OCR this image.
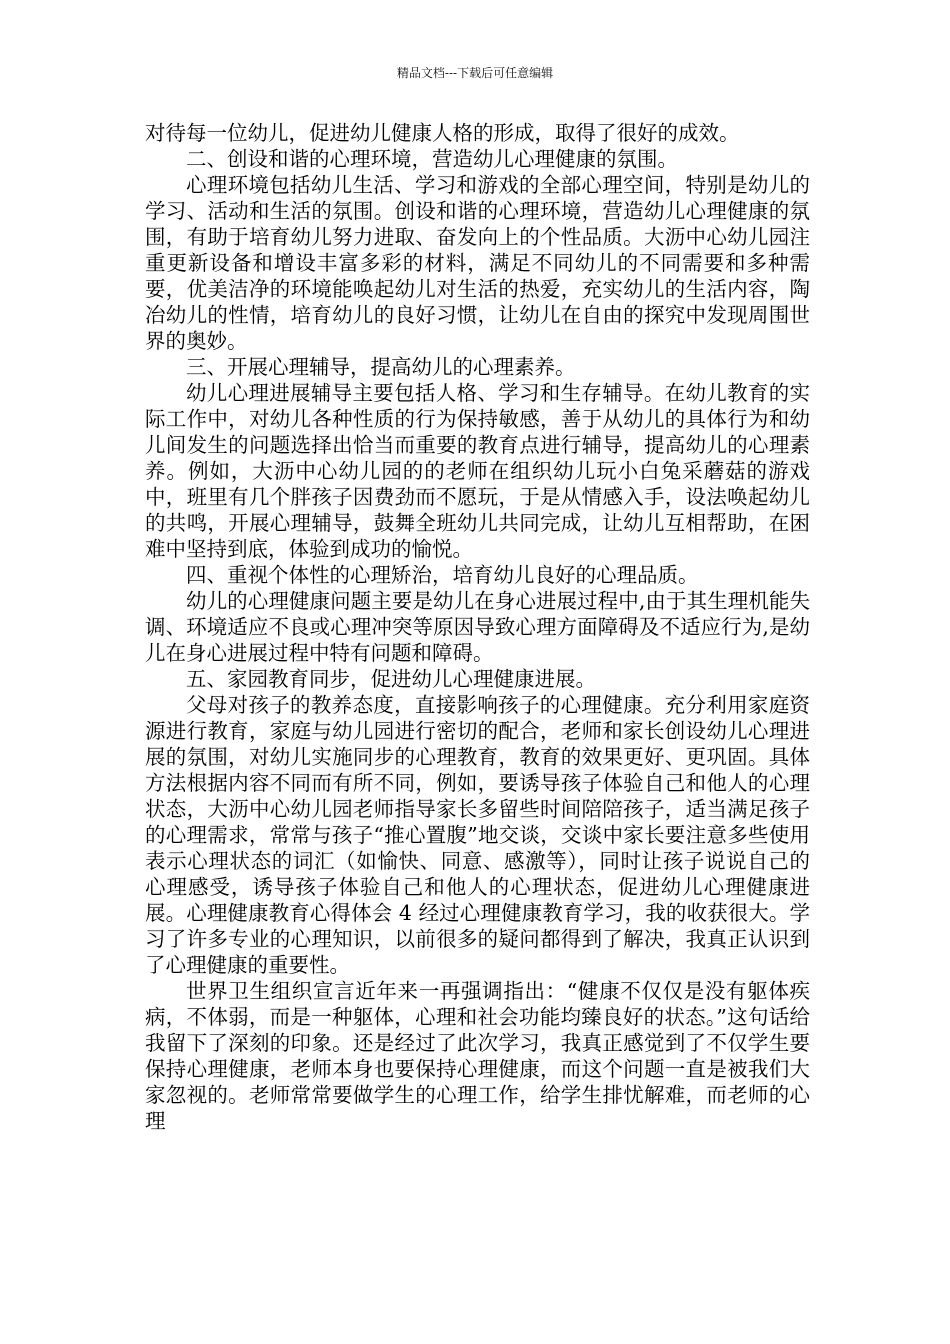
精品文档---下载后可任意编辑

对待每一位幼儿，促进幼儿健康人格的形成，取得了很好的成效。

二、创设和谐的心理环境，营造幼儿心理健康的氛围。

心理环境包括幼儿生活、学习和游戏的全部心理空间，特别是幼儿的学习、活动和生活的氛围。创设和谐的心理环境，营造幼儿心理健康的氛围，有助于培育幼儿努力进取、奋发向上的个性品质。大沥中心幼儿园注重更新设备和增设丰富多彩的材料，满足不同幼儿的不同需要和多种需要，优美洁净的环境能唤起幼儿对生活的热爱，充实幼儿的生活内容，陶冶幼儿的性情，培育幼儿的良好习惯，让幼儿在自由的探究中发现周围世界的奥妙。

三、开展心理辅导，提高幼儿的心理素养。

幼儿心理进展辅导主要包括人格、学习和生存辅导。在幼儿教育的实际工作中，对幼儿各种性质的行为保持敏感，善于从幼儿的具体行为和幼儿间发生的问题选择出恰当而重要的教育点进行辅导，提高幼儿的心理素养。例如，大沥中心幼儿园的的老师在组织幼儿玩小白兔采蘑菇的游戏中，班里有几个胖孩子因费劲而不愿玩，于是从情感入手，设法唤起幼儿的共鸣，开展心理辅导，鼓舞全班幼儿共同完成，让幼儿互相帮助，在困难中坚持到底，体验到成功的愉悦。

四、重视个体性的心理矫治，培育幼儿良好的心理品质。

幼儿的心理健康问题主要是幼儿在身心进展过程中,由于其生理机能失调、环境适应不良或心理冲突等原因导致心理方面障碍及不适应行为,是幼儿在身心进展过程中特有问题和障碍。

五、家园教育同步，促进幼儿心理健康进展。

父母对孩子的教养态度，直接影响孩子的心理健康。充分利用家庭资源进行教育，家庭与幼儿园进行密切的配合，老师和家长创设幼儿心理进展的氛围，对幼儿实施同步的心理教育，教育的效果更好、更巩固。具体方法根据内容不同而有所不同，例如，要诱导孩子体验自己和他人的心理状态，大沥中心幼儿园老师指导家长多留些时间陪陪孩子，适当满足孩子的心理需求，常常与孩子“推心置腹”地交谈，交谈中家长要注意多些使用表示心理状态的词汇（如愉快、同意、感激等），同时让孩子说说自己的心理感受，诱导孩子体验自己和他人的心理状态，促进幼儿心理健康进展。心理健康教育心得体会 4 经过心理健康教育学习，我的收获很大。学习了许多专业的心理知识，以前很多的疑问都得到了解决，我真正认识到了心理健康的重要性。

世界卫生组织宣言近年来一再强调指出：“健康不仅仅是没有躯体疾病，不体弱，而是一种躯体，心理和社会功能均臻良好的状态。”这句话给我留下了深刻的印象。还是经过了此次学习，我真正感觉到了不仅学生要保持心理健康，老师本身也要保持心理健康，而这个问题一直是被我们大家忽视的。老师常常要做学生的心理工作，给学生排忧解难，而老师的心理
